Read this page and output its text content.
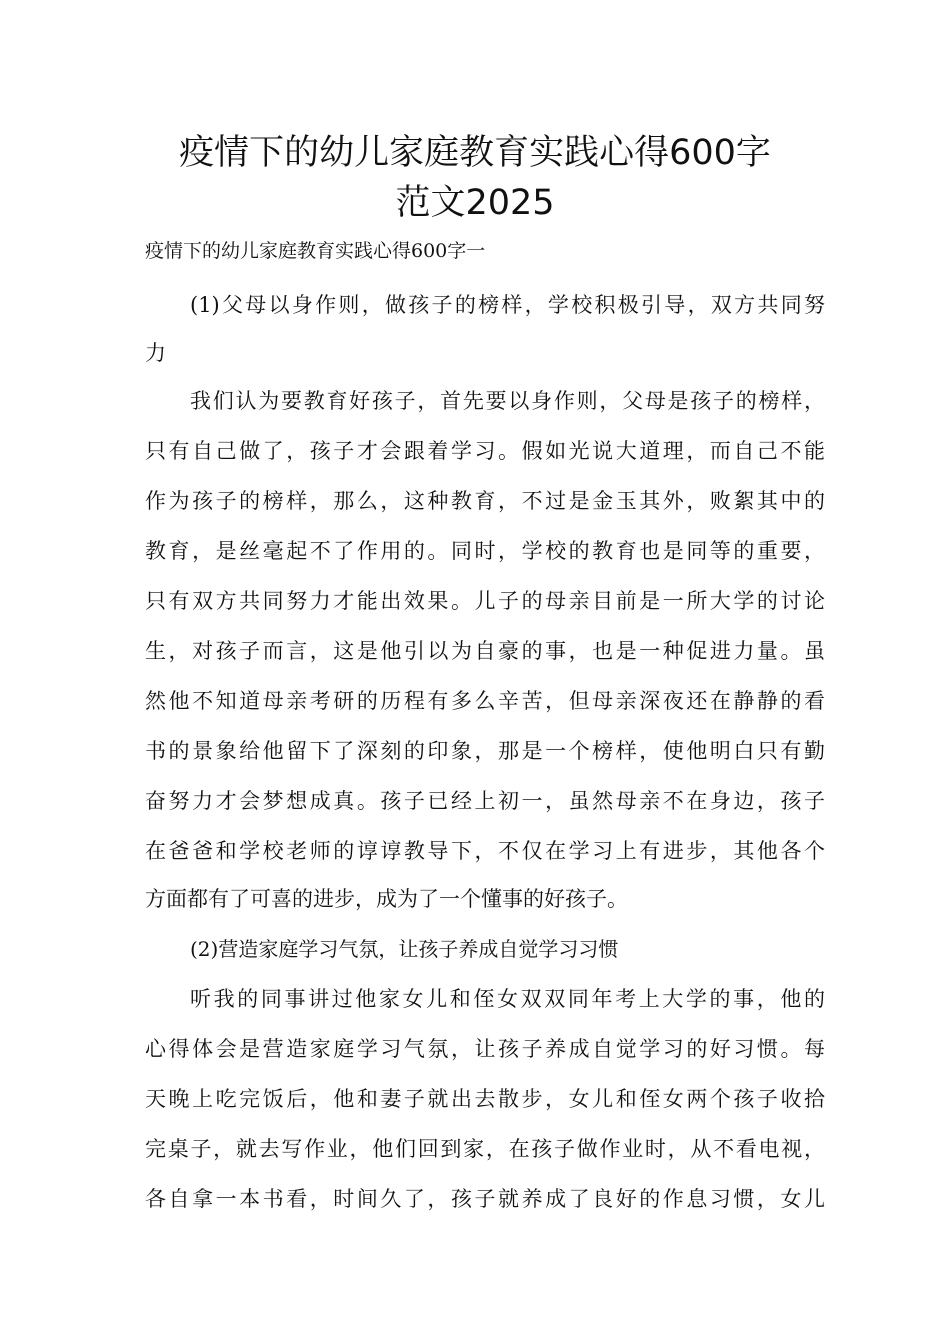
疫情下的幼儿家庭教育实践心得600字
范文2025
疫情下的幼儿家庭教育实践心得600字一
(1)父母以身作则，做孩子的榜样，学校积极引导，双方共同努
力
我们认为要教育好孩子，首先要以身作则，父母是孩子的榜样，
只有自己做了，孩子才会跟着学习。假如光说大道理，而自己不能
作为孩子的榜样，那么，这种教育，不过是金玉其外，败絮其中的
教育，是丝毫起不了作用的。同时，学校的教育也是同等的重要，
只有双方共同努力才能出效果。儿子的母亲目前是一所大学的讨论
生，对孩子而言，这是他引以为自豪的事，也是一种促进力量。虽
然他不知道母亲考研的历程有多么辛苦，但母亲深夜还在静静的看
书的景象给他留下了深刻的印象，那是一个榜样，使他明白只有勤
奋努力才会梦想成真。孩子已经上初一，虽然母亲不在身边，孩子
在爸爸和学校老师的谆谆教导下，不仅在学习上有进步，其他各个
方面都有了可喜的进步，成为了一个懂事的好孩子。
(2)营造家庭学习气氛，让孩子养成自觉学习习惯
听我的同事讲过他家女儿和侄女双双同年考上大学的事，他的
心得体会是营造家庭学习气氛，让孩子养成自觉学习的好习惯。每
天晚上吃完饭后，他和妻子就出去散步，女儿和侄女两个孩子收拾
完桌子，就去写作业，他们回到家，在孩子做作业时，从不看电视，
各自拿一本书看，时间久了，孩子就养成了良好的作息习惯，女儿
